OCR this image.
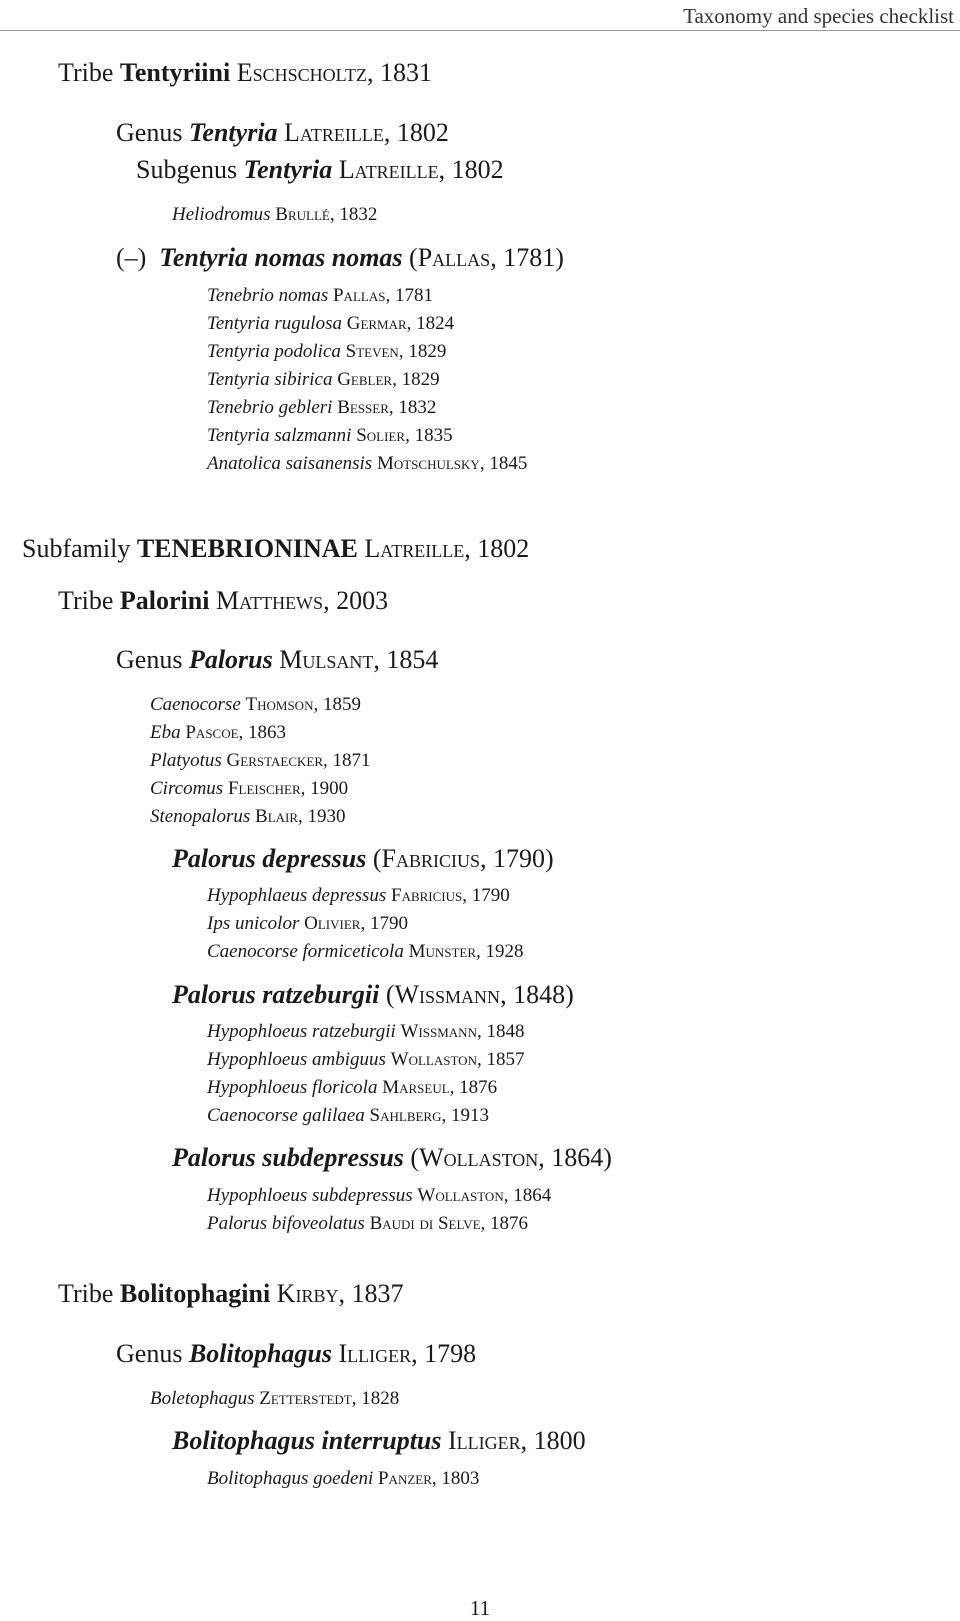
Taxonomy and species checklist
Tribe Tentyriini Eschscholtz, 1831
Genus Tentyria Latreille, 1802
Subgenus Tentyria Latreille, 1802
Heliodromus Brullé, 1832
(–) Tentyria nomas nomas (Pallas, 1781)
Tenebrio nomas Pallas, 1781
Tentyria rugulosa Germar, 1824
Tentyria podolica Steven, 1829
Tentyria sibirica Gebler, 1829
Tenebrio gebleri Besser, 1832
Tentyria salzmanni Solier, 1835
Anatolica saisanensis Motschulsky, 1845
Subfamily TENEBRIONINAE Latreille, 1802
Tribe Palorini Matthews, 2003
Genus Palorus Mulsant, 1854
Caenocorse Thomson, 1859
Eba Pascoe, 1863
Platyotus Gerstaecker, 1871
Circomus Fleischer, 1900
Stenopalorus Blair, 1930
Palorus depressus (Fabricius, 1790)
Hypophlaeus depressus Fabricius, 1790
Ips unicolor Olivier, 1790
Caenocorse formiceticola Munster, 1928
Palorus ratzeburgii (Wissmann, 1848)
Hypophloeus ratzeburgii Wissmann, 1848
Hypophloeus ambiguus Wollaston, 1857
Hypophloeus floricola Marseul, 1876
Caenocorse galilaea Sahlberg, 1913
Palorus subdepressus (Wollaston, 1864)
Hypophloeus subdepressus Wollaston, 1864
Palorus bifoveolatus Baudi di Selve, 1876
Tribe Bolitophagini Kirby, 1837
Genus Bolitophagus Illiger, 1798
Boletophagus Zetterstedt, 1828
Bolitophagus interruptus Illiger, 1800
Bolitophagus goedeni Panzer, 1803
11
